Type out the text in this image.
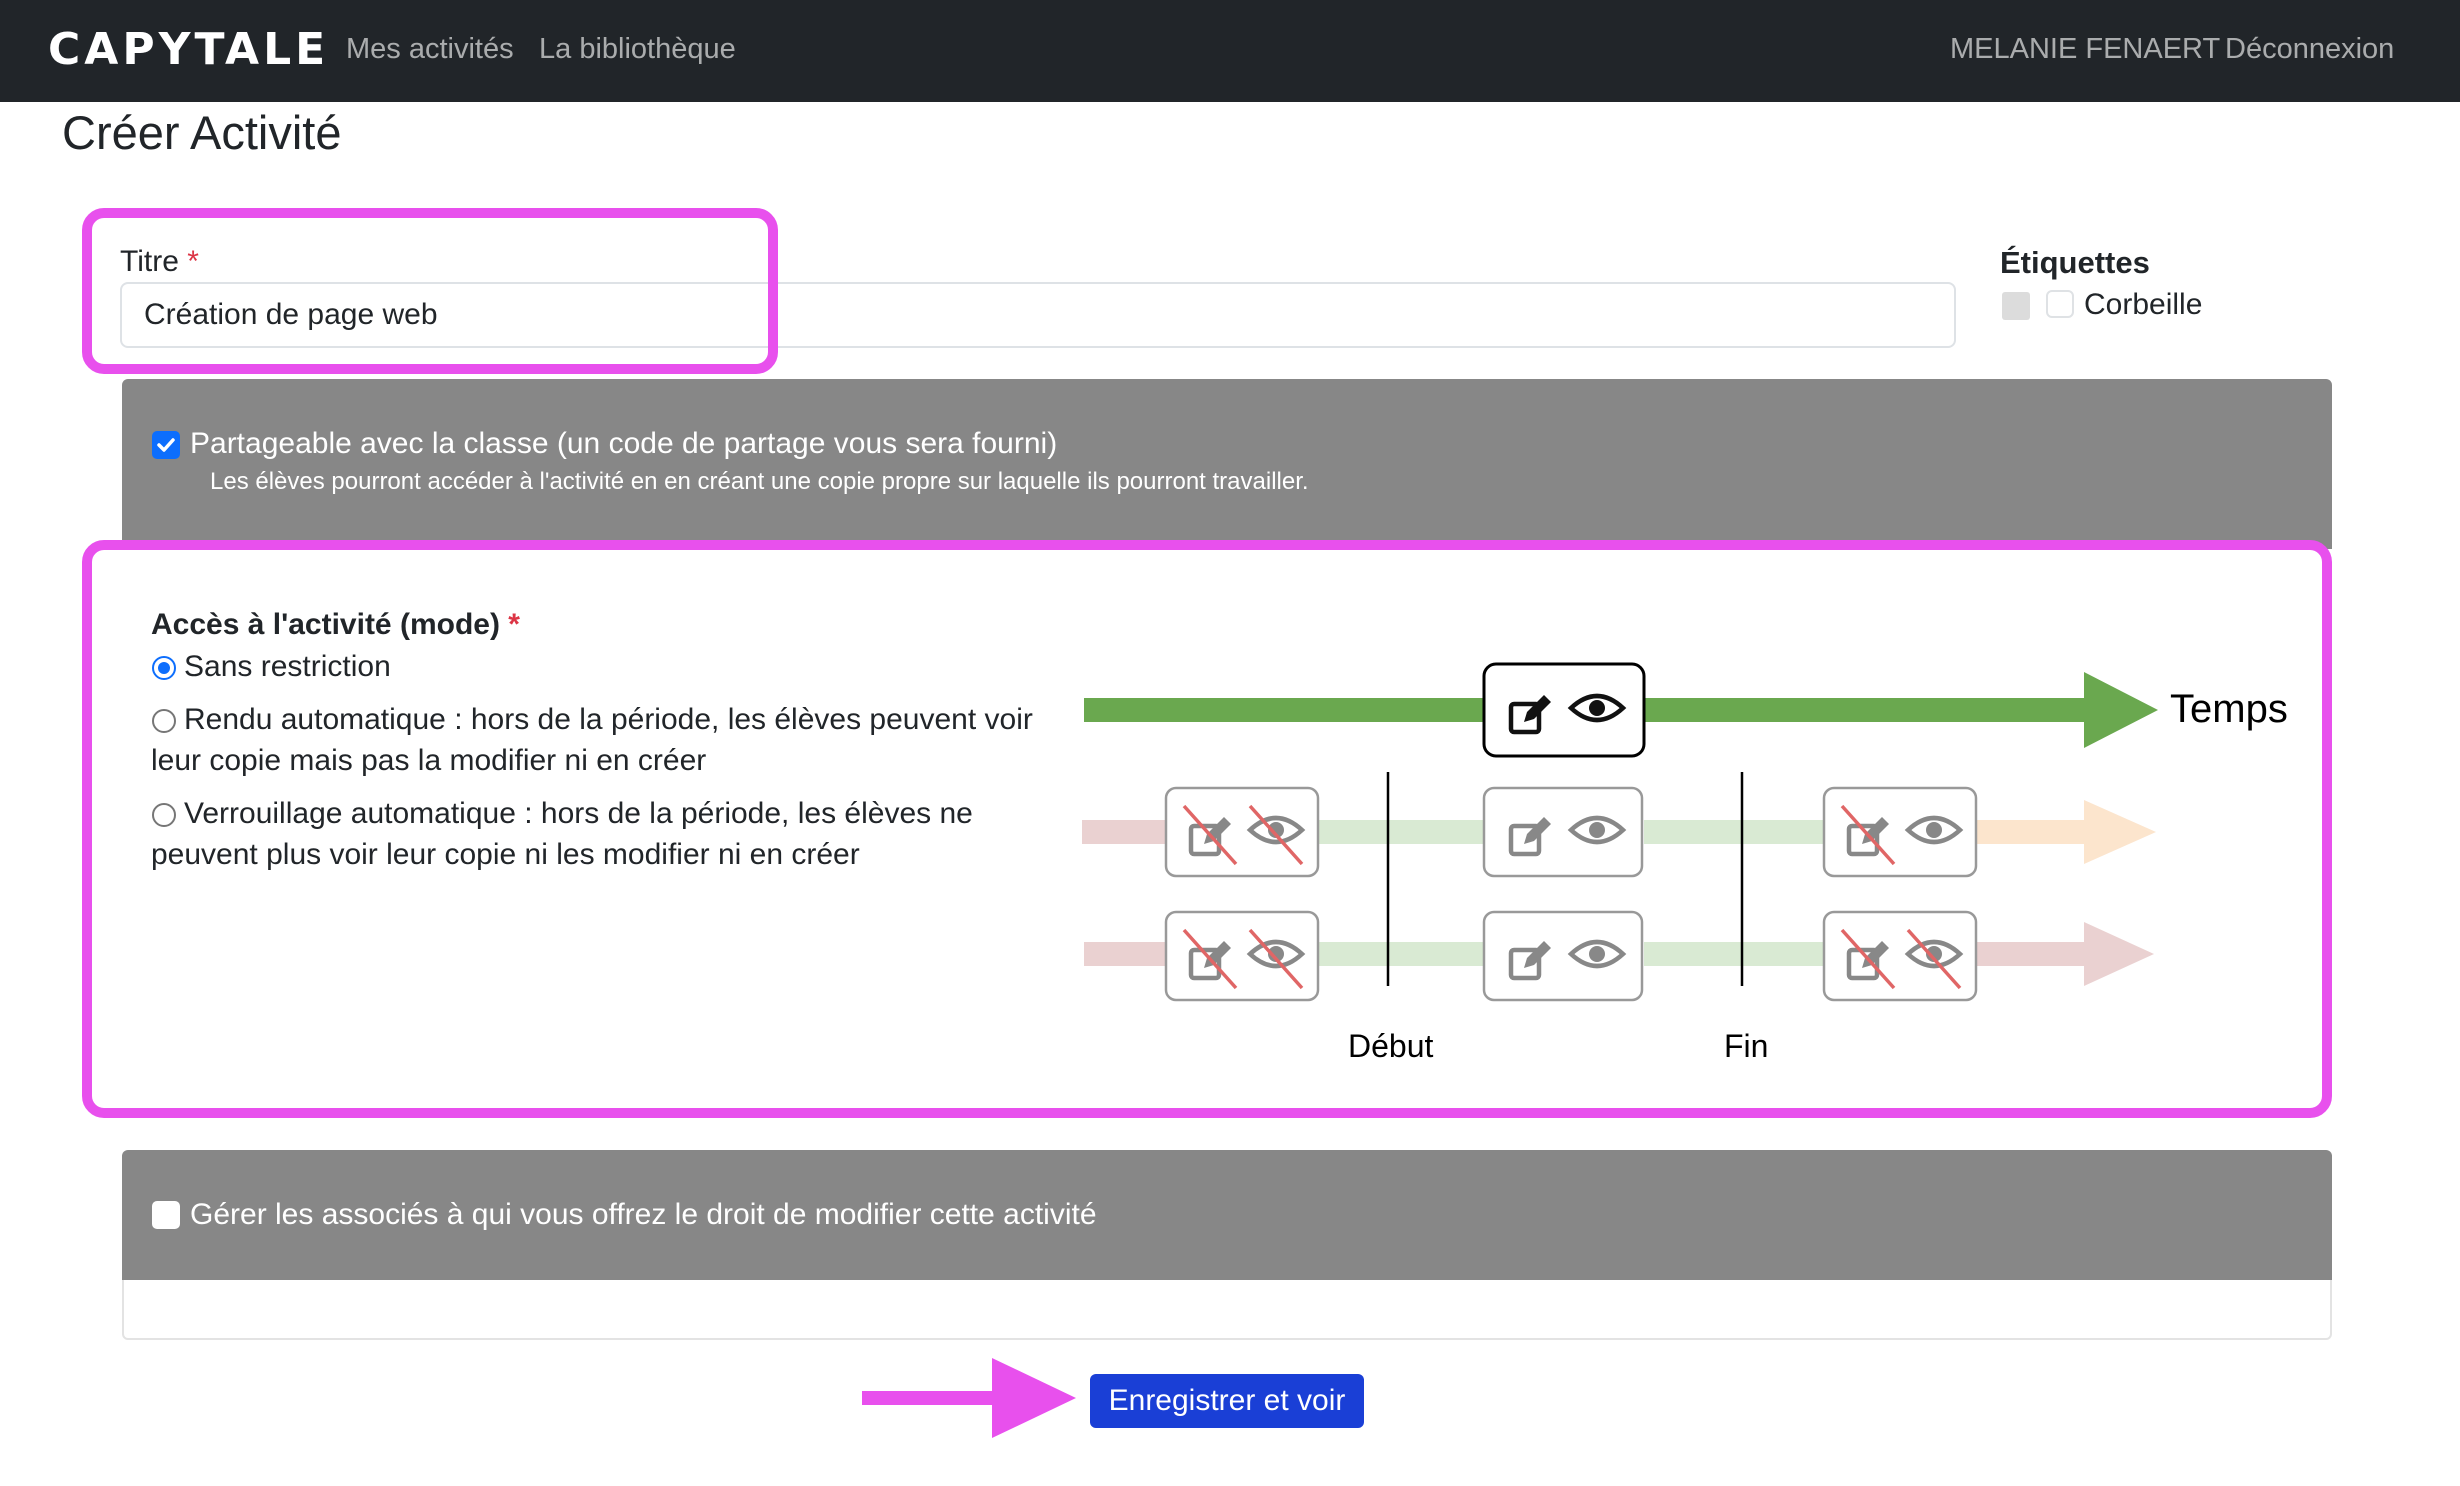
CAPYTALE Mes activités La bibliothèque	MELANIE FENAERT Déconnexion
Créer Activité
Titre *
Création de page web	Étiquettes
Corbeille
Partageable avec la classe (un code de partage vous sera fourni)
Les élèves pourront accéder à l'activité en en créant une copie propre sur laquelle ils pourront travailler.
Accès à l'activité (mode) *
Sans restriction
Rendu automatique : hors de la période, les élèves peuvent voir
leur copie mais pas la modifier ni en créer
Verrouillage automatique : hors de la période, les élèves ne
peuvent plus voir leur copie ni les modifier ni en créer
Temps
Début	Fin
Gérer les associés à qui vous offrez le droit de modifier cette activité
Enregistrer et voir
